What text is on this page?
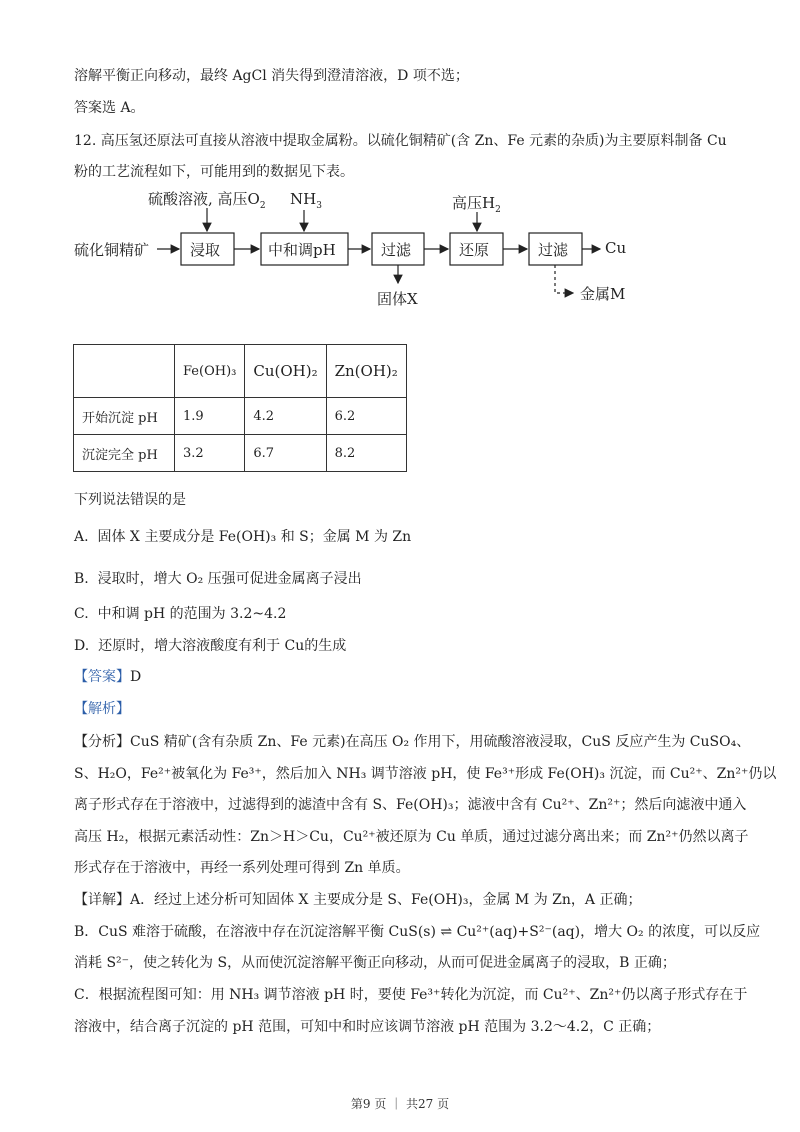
溶解平衡正向移动，最终 AgCl 消失得到澄清溶液，D 项不选；
答案选 A。
12. 高压氢还原法可直接从溶液中提取金属粉。以硫化铜精矿(含 Zn、Fe 元素的杂质)为主要原料制备 Cu
粉的工艺流程如下，可能用到的数据见下表。
硫酸溶液, 高压$O_2$ $NH_3$	高压$H_2$
硫化铜精矿	浸取	中和调pH	过滤	还原	过滤 Cu
固体X	金属M
	Fe(OH)₃	Cu(OH)₂	Zn(OH)₂
开始沉淀 pH	1.9	4.2	6.2
沉淀完全 pH	3.2	6.7	8.2
下列说法错误的是
A. 固体 X 主要成分是 Fe(OH)₃ 和 S；金属 M 为 Zn
B. 浸取时，增大 O₂ 压强可促进金属离子浸出
C. 中和调 pH 的范围为 3.2~4.2
D. 还原时，增大溶液酸度有利于 Cu的生成
【答案】D
【解析】
【分析】CuS 精矿(含有杂质 Zn、Fe 元素)在高压 O₂ 作用下，用硫酸溶液浸取，CuS 反应产生为 CuSO₄、
S、H₂O，Fe²⁺被氧化为 Fe³⁺，然后加入 NH₃ 调节溶液 pH，使 Fe³⁺形成 Fe(OH)₃ 沉淀，而 Cu²⁺、Zn²⁺仍以
离子形式存在于溶液中，过滤得到的滤渣中含有 S、Fe(OH)₃；滤液中含有 Cu²⁺、Zn²⁺；然后向滤液中通入
高压 H₂，根据元素活动性：Zn＞H＞Cu，Cu²⁺被还原为 Cu 单质，通过过滤分离出来；而 Zn²⁺仍然以离子
形式存在于溶液中，再经一系列处理可得到 Zn 单质。
【详解】A．经过上述分析可知固体 X 主要成分是 S、Fe(OH)₃，金属 M 为 Zn，A 正确；
B．CuS 难溶于硫酸，在溶液中存在沉淀溶解平衡 CuS(s) ⇌ Cu²⁺(aq)+S²⁻(aq)，增大 O₂ 的浓度，可以反应
消耗 S²⁻，使之转化为 S，从而使沉淀溶解平衡正向移动，从而可促进金属离子的浸取，B 正确；
C．根据流程图可知：用 NH₃ 调节溶液 pH 时，要使 Fe³⁺转化为沉淀，而 Cu²⁺、Zn²⁺仍以离子形式存在于
溶液中，结合离子沉淀的 pH 范围，可知中和时应该调节溶液 pH 范围为 3.2～4.2，C 正确；
第9 页 ｜ 共27 页
